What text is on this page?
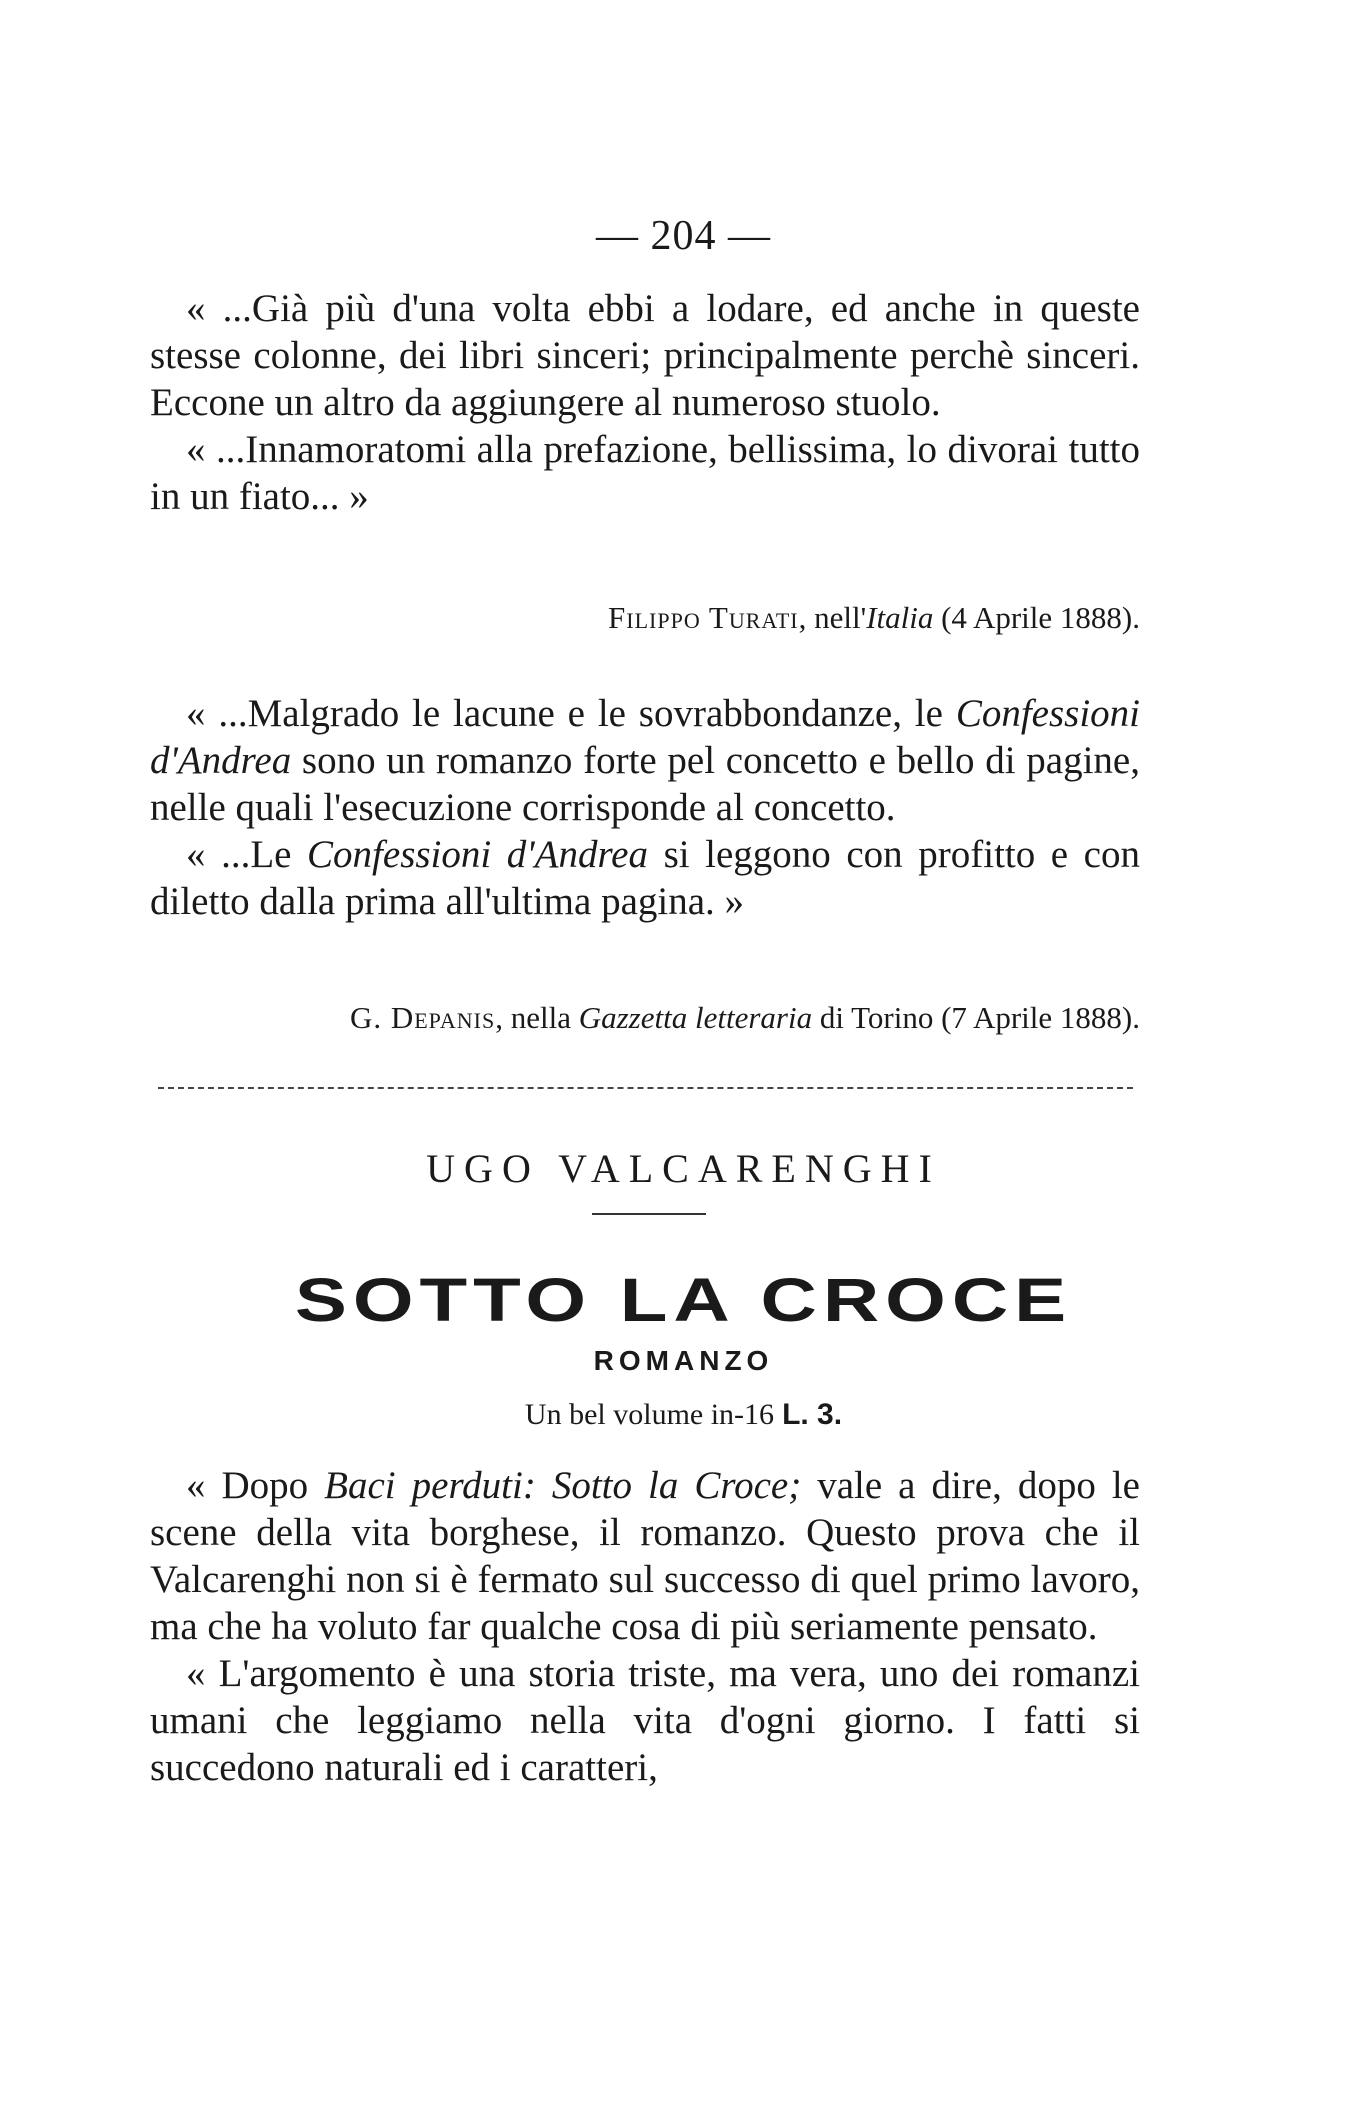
— 204 —

« ...Già più d'una volta ebbi a lodare, ed anche in queste stesse colonne, dei libri sinceri; principalmente perchè sinceri. Eccone un altro da aggiungere al numeroso stuolo.

« ...Innamoratomi alla prefazione, bellissima, lo divorai tutto in un fiato... »

Filippo Turati, nell'Italia (4 Aprile 1888).

« ...Malgrado le lacune e le sovrabbondanze, le Confessioni d'Andrea sono un romanzo forte pel concetto e bello di pagine, nelle quali l'esecuzione corrisponde al concetto.

« ...Le Confessioni d'Andrea si leggono con profitto e con diletto dalla prima all'ultima pagina. »

G. Depanis, nella Gazzetta letteraria di Torino (7 Aprile 1888).
UGO VALCARENGHI
SOTTO LA CROCE
ROMANZO
Un bel volume in-16 L. 3.

« Dopo Baci perduti: Sotto la Croce; vale a dire, dopo le scene della vita borghese, il romanzo. Questo prova che il Valcarenghi non si è fermato sul successo di quel primo lavoro, ma che ha voluto far qualche cosa di più seriamente pensato.

« L'argomento è una storia triste, ma vera, uno dei romanzi umani che leggiamo nella vita d'ogni giorno. I fatti si succedono naturali ed i caratteri,
